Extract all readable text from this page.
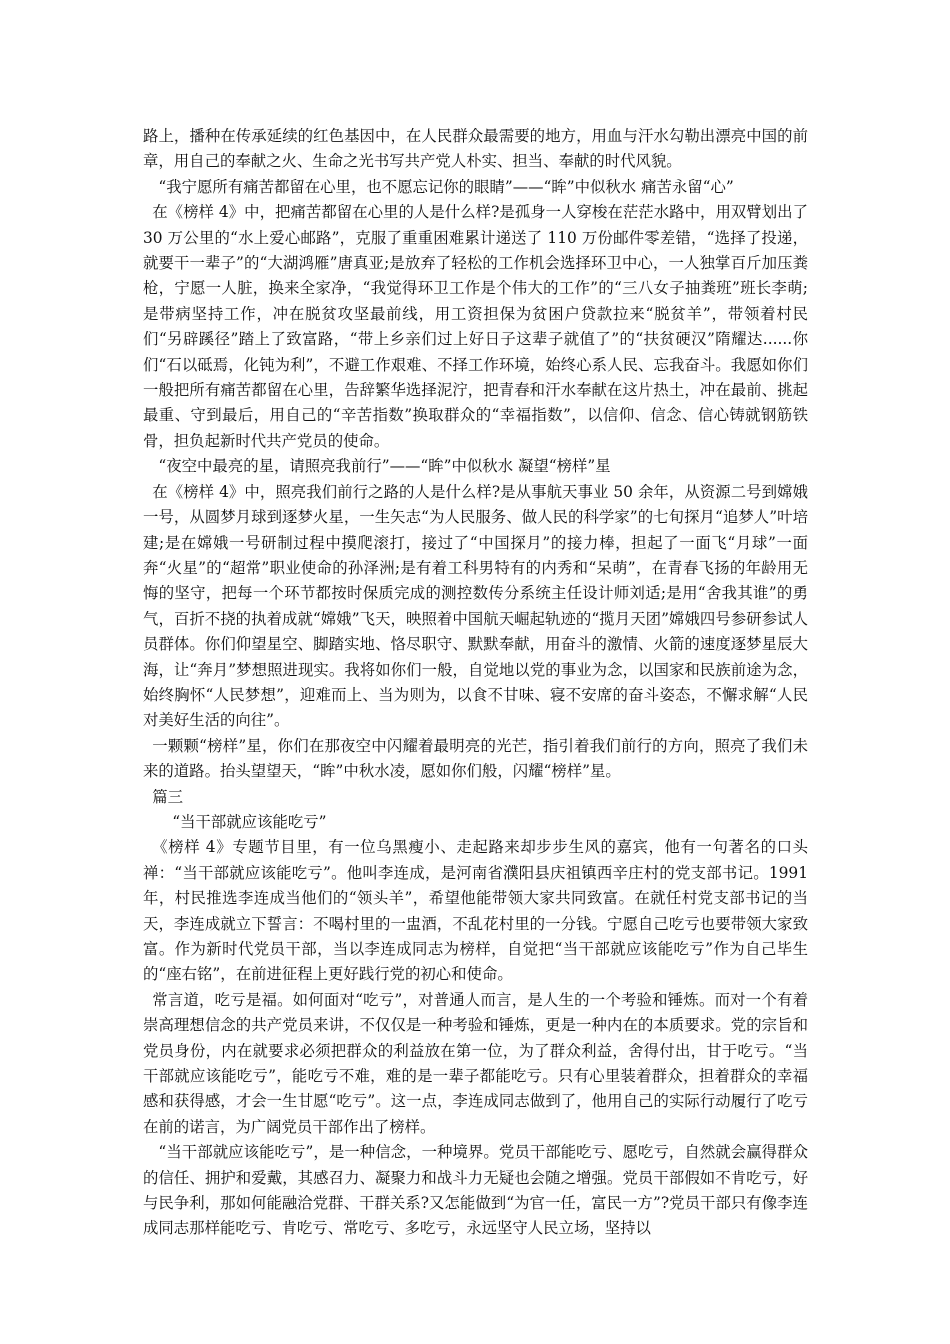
路上，播种在传承延续的红色基因中，在人民群众最需要的地方，用血与汗水勾勒出漂亮中国的前章，用自己的奉献之火、生命之光书写共产党人朴实、担当、奉献的时代风貌。

“我宁愿所有痛苦都留在心里，也不愿忘记你的眼睛”——“眸”中似秋水 痛苦永留“心”

在《榜样 4》中，把痛苦都留在心里的人是什么样?是孤身一人穿梭在茫茫水路中，用双臂划出了 30 万公里的“水上爱心邮路”，克服了重重困难累计递送了 110 万份邮件零差错，“选择了投递，就要干一辈子”的“大湖鸿雁”唐真亚;是放弃了轻松的工作机会选择环卫中心，一人独掌百斤加压粪枪，宁愿一人脏，换来全家净，“我觉得环卫工作是个伟大的工作”的“三八女子抽粪班”班长李萌;是带病坚持工作，冲在脱贫攻坚最前线，用工资担保为贫困户贷款拉来“脱贫羊”，带领着村民们“另辟蹊径”踏上了致富路，“带上乡亲们过上好日子这辈子就值了”的“扶贫硬汉”隋耀达......你们“石以砥焉，化钝为利”，不避工作艰难、不择工作环境，始终心系人民、忘我奋斗。我愿如你们一般把所有痛苦都留在心里，告辞繁华选择泥泞，把青春和汗水奉献在这片热土，冲在最前、挑起最重、守到最后，用自己的“辛苦指数”换取群众的“幸福指数”，以信仰、信念、信心铸就钢筋铁骨，担负起新时代共产党员的使命。

“夜空中最亮的星，请照亮我前行”——“眸”中似秋水 凝望“榜样”星

在《榜样 4》中，照亮我们前行之路的人是什么样?是从事航天事业 50 余年，从资源二号到嫦娥一号，从圆梦月球到逐梦火星，一生矢志“为人民服务、做人民的科学家”的七旬探月“追梦人”叶培建;是在嫦娥一号研制过程中摸爬滚打，接过了“中国探月”的接力棒，担起了一面飞“月球”一面奔“火星”的“超常”职业使命的孙泽洲;是有着工科男特有的内秀和“呆萌”，在青春飞扬的年龄用无悔的坚守，把每一个环节都按时保质完成的测控数传分系统主任设计师刘适;是用“舍我其谁”的勇气，百折不挠的执着成就“嫦娥”飞天，映照着中国航天崛起轨迹的“揽月天团”嫦娥四号参研参试人员群体。你们仰望星空、脚踏实地、恪尽职守、默默奉献，用奋斗的激情、火箭的速度逐梦星辰大海，让“奔月”梦想照进现实。我将如你们一般，自觉地以党的事业为念，以国家和民族前途为念，始终胸怀“人民梦想”，迎难而上、当为则为，以食不甘味、寝不安席的奋斗姿态，不懈求解“人民对美好生活的向往”。

一颗颗“榜样”星，你们在那夜空中闪耀着最明亮的光芒，指引着我们前行的方向，照亮了我们未来的道路。抬头望望天，“眸”中秋水凌，愿如你们般，闪耀“榜样”星。

篇三

“当干部就应该能吃亏”

《榜样 4》专题节目里，有一位乌黑瘦小、走起路来却步步生风的嘉宾，他有一句著名的口头禅：“当干部就应该能吃亏”。他叫李连成，是河南省濮阳县庆祖镇西辛庄村的党支部书记。1991 年，村民推选李连成当他们的“领头羊”，希望他能带领大家共同致富。在就任村党支部书记的当天，李连成就立下誓言：不喝村里的一盅酒，不乱花村里的一分钱。宁愿自己吃亏也要带领大家致富。作为新时代党员干部，当以李连成同志为榜样，自觉把“当干部就应该能吃亏”作为自己毕生的“座右铭”，在前进征程上更好践行党的初心和使命。

常言道，吃亏是福。如何面对“吃亏”，对普通人而言，是人生的一个考验和锤炼。而对一个有着崇高理想信念的共产党员来讲，不仅仅是一种考验和锤炼，更是一种内在的本质要求。党的宗旨和党员身份，内在就要求必须把群众的利益放在第一位，为了群众利益，舍得付出，甘于吃亏。“当干部就应该能吃亏”，能吃亏不难，难的是一辈子都能吃亏。只有心里装着群众，担着群众的幸福感和获得感，才会一生甘愿“吃亏”。这一点，李连成同志做到了，他用自己的实际行动履行了吃亏在前的诺言，为广阔党员干部作出了榜样。

“当干部就应该能吃亏”，是一种信念，一种境界。党员干部能吃亏、愿吃亏，自然就会赢得群众的信任、拥护和爱戴，其感召力、凝聚力和战斗力无疑也会随之增强。党员干部假如不肯吃亏，好与民争利，那如何能融洽党群、干群关系?又怎能做到“为官一任，富民一方”?党员干部只有像李连成同志那样能吃亏、肯吃亏、常吃亏、多吃亏，永远坚守人民立场，坚持以
